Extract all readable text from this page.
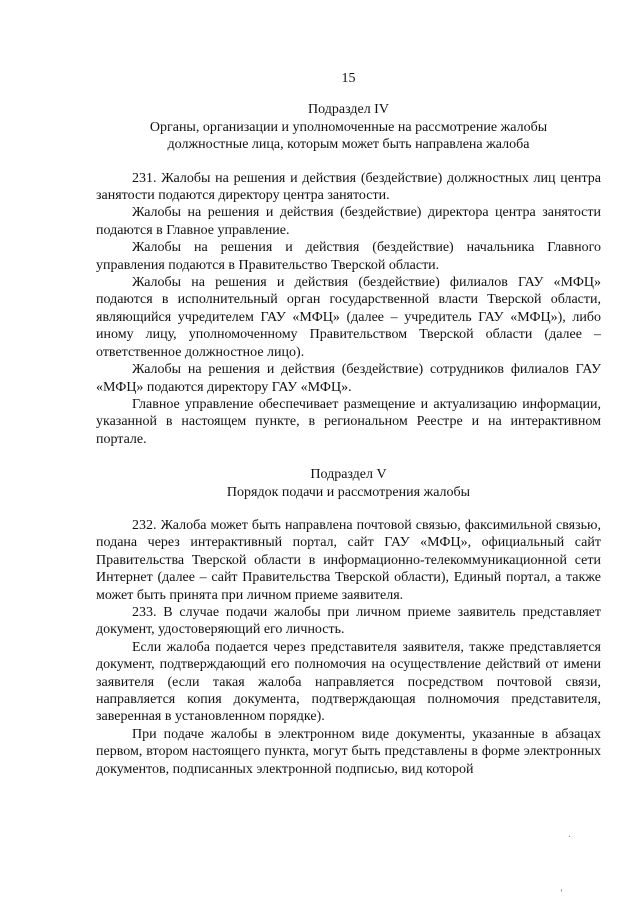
15
Подраздел IV
Органы, организации и уполномоченные на рассмотрение жалобы
должностные лица, которым может быть направлена жалоба

231. Жалобы на решения и действия (бездействие) должностных лиц центра занятости подаются директору центра занятости.

Жалобы на решения и действия (бездействие) директора центра занятости подаются в Главное управление.

Жалобы на решения и действия (бездействие) начальника Главного управления подаются в Правительство Тверской области.

Жалобы на решения и действия (бездействие) филиалов ГАУ «МФЦ» подаются в исполнительный орган государственной власти Тверской области, являющийся учредителем ГАУ «МФЦ» (далее – учредитель ГАУ «МФЦ»), либо иному лицу, уполномоченному Правительством Тверской области (далее – ответственное должностное лицо).

Жалобы на решения и действия (бездействие) сотрудников филиалов ГАУ «МФЦ» подаются директору ГАУ «МФЦ».

Главное управление обеспечивает размещение и актуализацию информации, указанной в настоящем пункте, в региональном Реестре и на интерактивном портале.

Подраздел V
Порядок подачи и рассмотрения жалобы

232. Жалоба может быть направлена почтовой связью, факсимильной связью, подана через интерактивный портал, сайт ГАУ «МФЦ», официальный сайт Правительства Тверской области в информационно-телекоммуникационной сети Интернет (далее – сайт Правительства Тверской области), Единый портал, а также может быть принята при личном приеме заявителя.

233. В случае подачи жалобы при личном приеме заявитель представляет документ, удостоверяющий его личность.

Если жалоба подается через представителя заявителя, также представляется документ, подтверждающий его полномочия на осуществление действий от имени заявителя (если такая жалоба направляется посредством почтовой связи, направляется копия документа, подтверждающая полномочия представителя, заверенная в установленном порядке).

При подаче жалобы в электронном виде документы, указанные в абзацах первом, втором настоящего пункта, могут быть представлены в форме электронных документов, подписанных электронной подписью, вид которой

·
'
